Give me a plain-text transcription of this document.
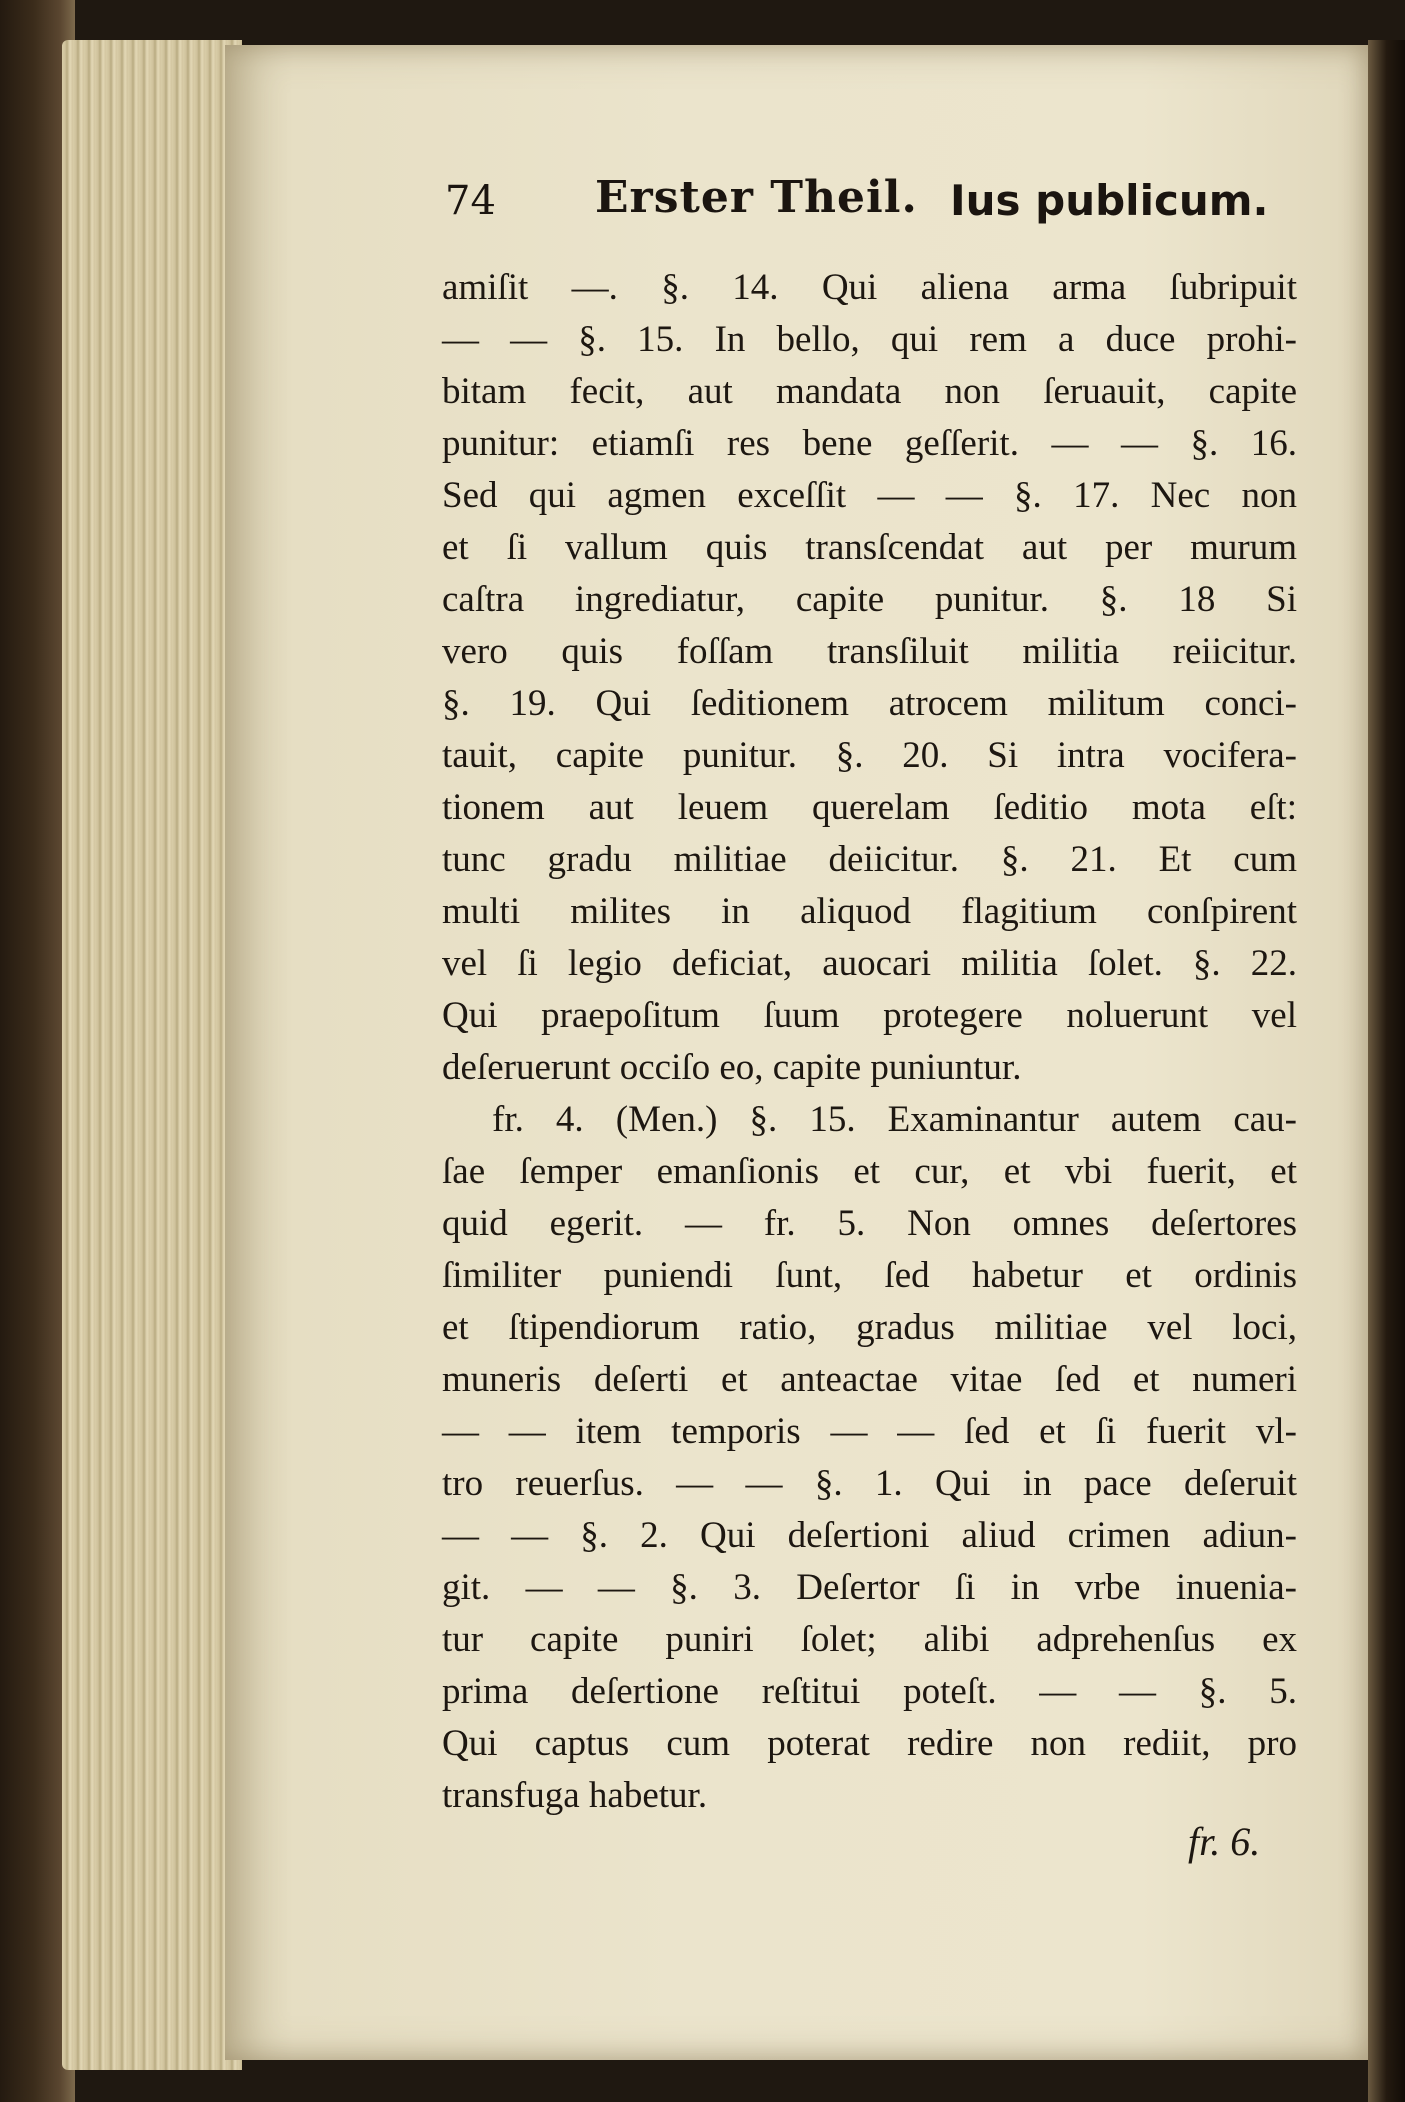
74 Erster Theil. Ius publicum.
amiſit —. §. 14. Qui aliena arma ſubripuit
— — §. 15. In bello, qui rem a duce prohi-
bitam fecit, aut mandata non ſeruauit, capite
punitur: etiamſi res bene geſſerit. — — §. 16.
Sed qui agmen exceſſit — — §. 17. Nec non
et ſi vallum quis transſcendat aut per murum
caſtra ingrediatur, capite punitur. §. 18 Si
vero quis foſſam transſiluit militia reiicitur.
§. 19. Qui ſeditionem atrocem militum conci-
tauit, capite punitur. §. 20. Si intra vocifera-
tionem aut leuem querelam ſeditio mota eſt:
tunc gradu militiae deiicitur. §. 21. Et cum
multi milites in aliquod flagitium conſpirent
vel ſi legio deficiat, auocari militia ſolet. §. 22.
Qui praepoſitum ſuum protegere noluerunt vel
deſeruerunt occiſo eo, capite puniuntur.
fr. 4. (Men.) §. 15. Examinantur autem cau-
ſae ſemper emanſionis et cur, et vbi fuerit, et
quid egerit. — fr. 5. Non omnes deſertores
ſimiliter puniendi ſunt, ſed habetur et ordinis
et ſtipendiorum ratio, gradus militiae vel loci,
muneris deſerti et anteactae vitae ſed et numeri
— — item temporis — — ſed et ſi fuerit vl-
tro reuerſus. — — §. 1. Qui in pace deſeruit
— — §. 2. Qui deſertioni aliud crimen adiun-
git. — — §. 3. Deſertor ſi in vrbe inuenia-
tur capite puniri ſolet; alibi adprehenſus ex
prima deſertione reſtitui poteſt. — — §. 5.
Qui captus cum poterat redire non rediit, pro
transfuga habetur.
fr. 6.
